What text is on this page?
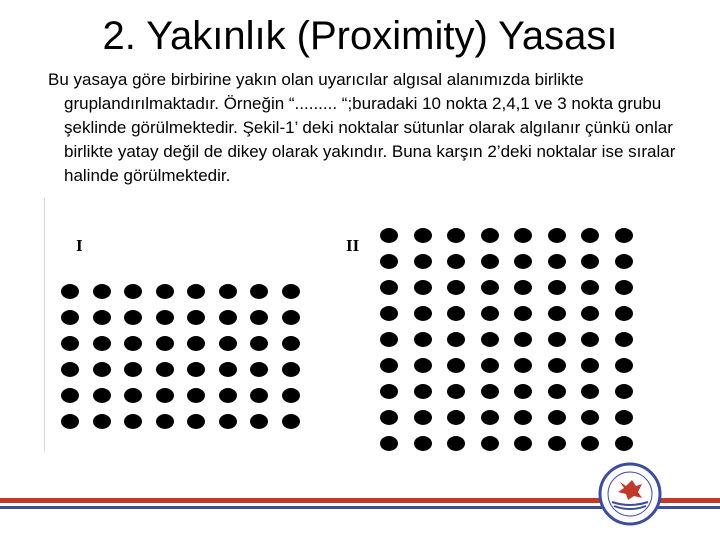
2. Yakınlık (Proximity) Yasası
Bu yasaya göre birbirine yakın olan uyarıcılar algısal alanımızda birlikte gruplandırılmaktadır. Örneğin “......... “;buradaki 10 nokta 2,4,1 ve 3 nokta grubu şeklinde görülmektedir. Şekil-1’ deki noktalar sütunlar olarak algılanır çünkü onlar birlikte yatay değil de dikey olarak yakındır. Buna karşın 2’deki noktalar ise sıralar halinde görülmektedir.
I	II
